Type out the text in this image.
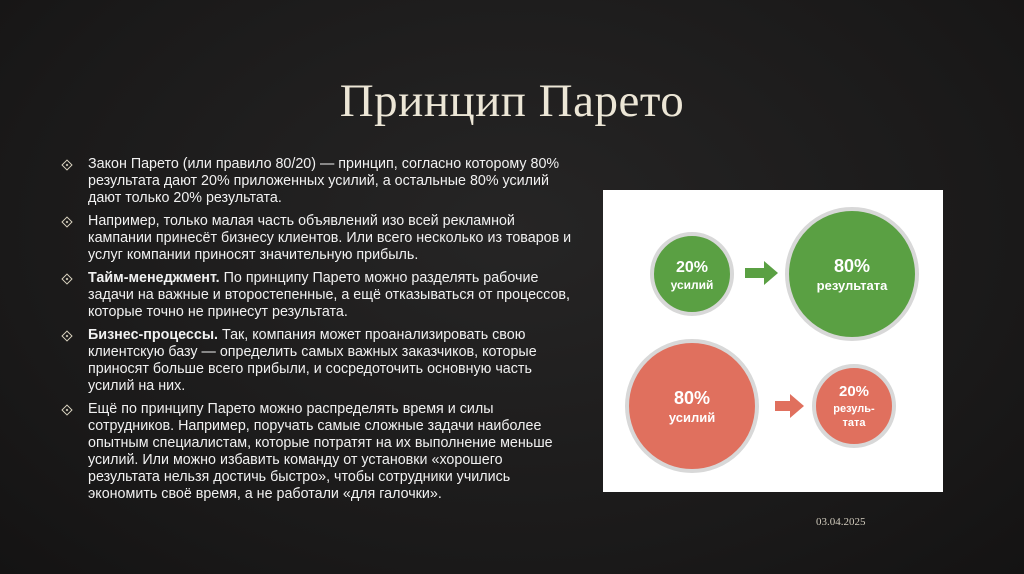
Принцип Парето
Закон Парето (или правило 80/20) — принцип, согласно которому 80% результата дают 20% приложенных усилий, а остальные 80% усилий дают только 20% результата.
Например, только малая часть объявлений изо всей рекламной кампании принесёт бизнесу клиентов. Или всего несколько из товаров и услуг компании приносят значительную прибыль.
Тайм-менеджмент. По принципу Парето можно разделять рабочие задачи на важные и второстепенные, а ещё отказываться от процессов, которые точно не принесут результата.
Бизнес-процессы. Так, компания может проанализировать свою клиентскую базу — определить самых важных заказчиков, которые приносят больше всего прибыли, и сосредоточить основную часть усилий на них.
Ещё по принципу Парето можно распределять время и силы сотрудников. Например, поручать самые сложные задачи наиболее опытным специалистам, которые потратят на их выполнение меньше усилий. Или можно избавить команду от установки «хорошего результата нельзя достичь быстро», чтобы сотрудники учились экономить своё время, а не работали «для галочки».
20%
усилий
80%
результата
80%
усилий
20%
резуль-
тата
03.04.2025
